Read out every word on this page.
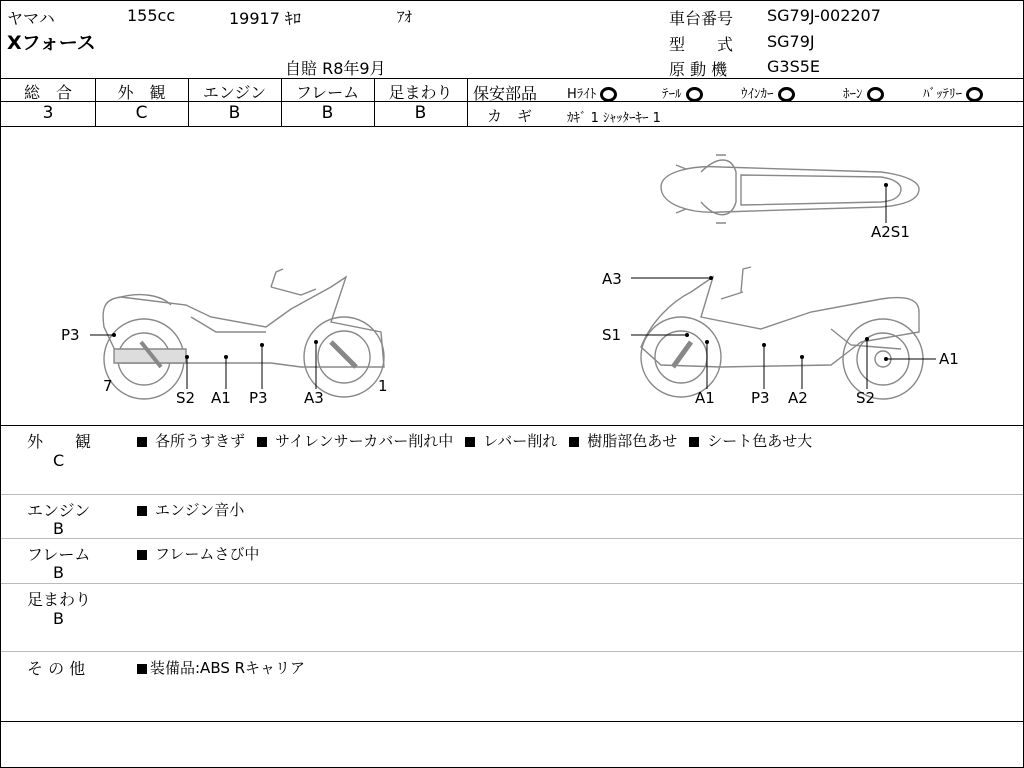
ヤマハ	155cc	19917 ｷﾛ	ｱｵ
Xフォース
自賠 R8年9月
車台番号 SG79J-002207
型　　式 SG79J
原 動 機 G3S5E
総　合
3
外　観
C
エンジン
B
フレーム
B
足まわり
B
保安部品 Hﾗｲﾄ	ﾃｰﾙ	ｳｲﾝｶｰ	ﾎｰﾝ	ﾊﾞｯﾃﾘｰ
カ　ギ	ｶｷﾞ 1 ｼｬｯﾀｰｷｰ 1
P3
7	1
S2 A1 P3 A3
A3
S1
A1 P3 A2	S2
A1
A2S1
外　　観
C
各所うすきず サイレンサーカバー削れ中 レバー削れ 樹脂部色あせ シート色あせ大
エンジン
B
エンジン音小
フレーム
B
フレームさび中
足まわり
B
そ の 他	装備品:ABS Rキャリア
